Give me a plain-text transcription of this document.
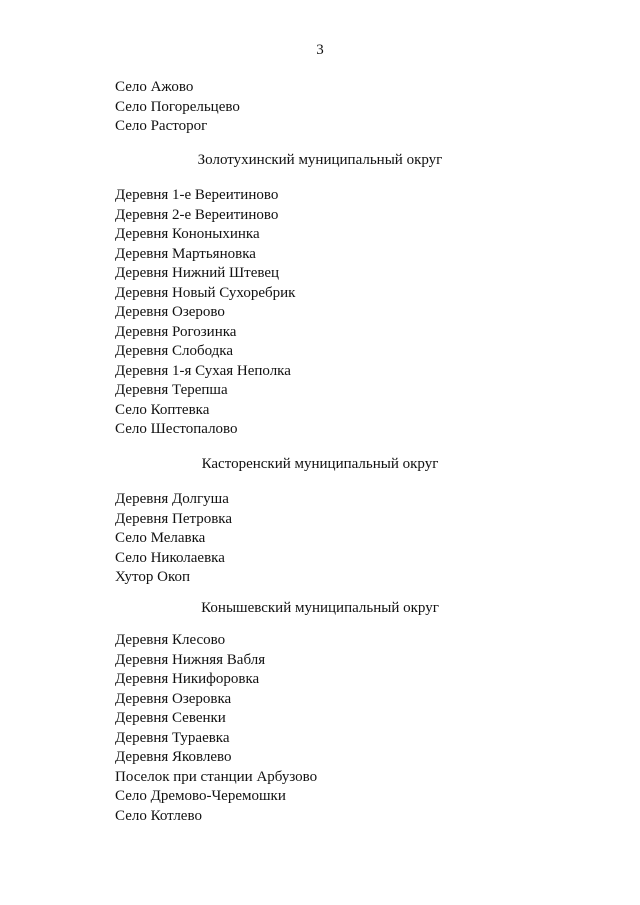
3
Село Ажово
Село Погорельцево
Село Расторог
Золотухинский муниципальный округ
Деревня 1-е Вереитиново
Деревня 2-е Вереитиново
Деревня Кононыхинка
Деревня Мартьяновка
Деревня Нижний Штевец
Деревня Новый Сухоребрик
Деревня Озерово
Деревня Рогозинка
Деревня Слободка
Деревня 1-я Сухая Неполка
Деревня Терепша
Село Коптевка
Село Шестопалово
Касторенский муниципальный округ
Деревня Долгуша
Деревня Петровка
Село Мелавка
Село Николаевка
Хутор Окоп
Конышевский муниципальный округ
Деревня Клесово
Деревня Нижняя Вабля
Деревня Никифоровка
Деревня Озеровка
Деревня Севенки
Деревня Тураевка
Деревня Яковлево
Поселок при станции Арбузово
Село Дремово-Черемошки
Село Котлево
